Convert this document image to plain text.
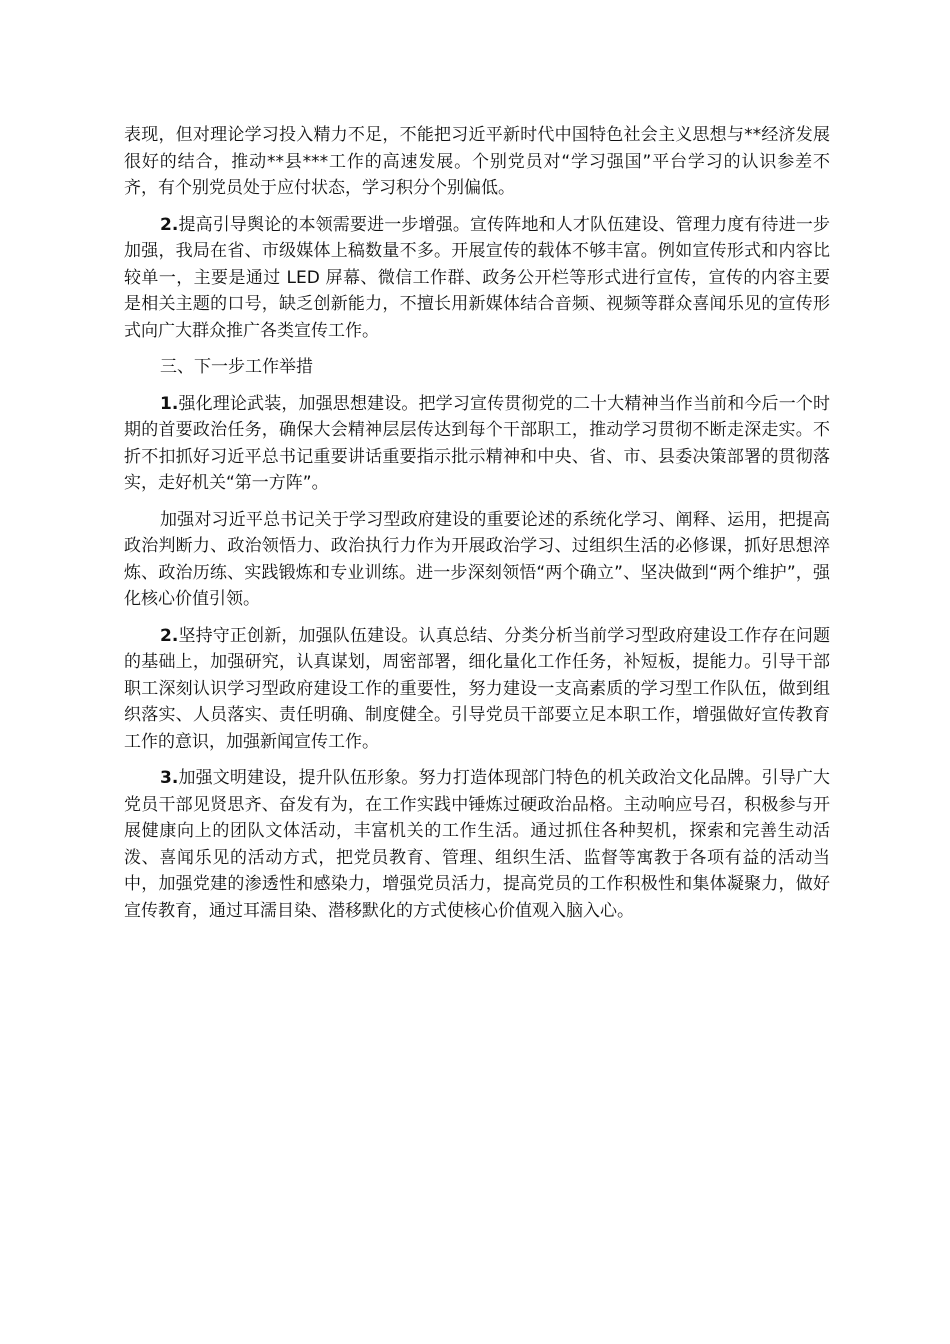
表现，但对理论学习投入精力不足，不能把习近平新时代中国特色社会主义思想与**经济发展很好的结合，推动**县***工作的高速发展。个别党员对“学习强国”平台学习的认识参差不齐，有个别党员处于应付状态，学习积分个别偏低。

2.提高引导舆论的本领需要进一步增强。宣传阵地和人才队伍建设、管理力度有待进一步加强，我局在省、市级媒体上稿数量不多。开展宣传的载体不够丰富。例如宣传形式和内容比较单一，主要是通过 LED 屏幕、微信工作群、政务公开栏等形式进行宣传，宣传的内容主要是相关主题的口号，缺乏创新能力，不擅长用新媒体结合音频、视频等群众喜闻乐见的宣传形式向广大群众推广各类宣传工作。

三、下一步工作举措

1.强化理论武装，加强思想建设。把学习宣传贯彻党的二十大精神当作当前和今后一个时期的首要政治任务，确保大会精神层层传达到每个干部职工，推动学习贯彻不断走深走实。不折不扣抓好习近平总书记重要讲话重要指示批示精神和中央、省、市、县委决策部署的贯彻落实，走好机关“第一方阵”。

加强对习近平总书记关于学习型政府建设的重要论述的系统化学习、阐释、运用，把提高政治判断力、政治领悟力、政治执行力作为开展政治学习、过组织生活的必修课，抓好思想淬炼、政治历练、实践锻炼和专业训练。进一步深刻领悟“两个确立”、坚决做到“两个维护”，强化核心价值引领。

2.坚持守正创新，加强队伍建设。认真总结、分类分析当前学习型政府建设工作存在问题的基础上，加强研究，认真谋划，周密部署，细化量化工作任务，补短板，提能力。引导干部职工深刻认识学习型政府建设工作的重要性，努力建设一支高素质的学习型工作队伍，做到组织落实、人员落实、责任明确、制度健全。引导党员干部要立足本职工作，增强做好宣传教育工作的意识，加强新闻宣传工作。

3.加强文明建设，提升队伍形象。努力打造体现部门特色的机关政治文化品牌。引导广大党员干部见贤思齐、奋发有为，在工作实践中锤炼过硬政治品格。主动响应号召，积极参与开展健康向上的团队文体活动，丰富机关的工作生活。通过抓住各种契机，探索和完善生动活泼、喜闻乐见的活动方式，把党员教育、管理、组织生活、监督等寓教于各项有益的活动当中，加强党建的渗透性和感染力，增强党员活力，提高党员的工作积极性和集体凝聚力，做好宣传教育，通过耳濡目染、潜移默化的方式使核心价值观入脑入心。
